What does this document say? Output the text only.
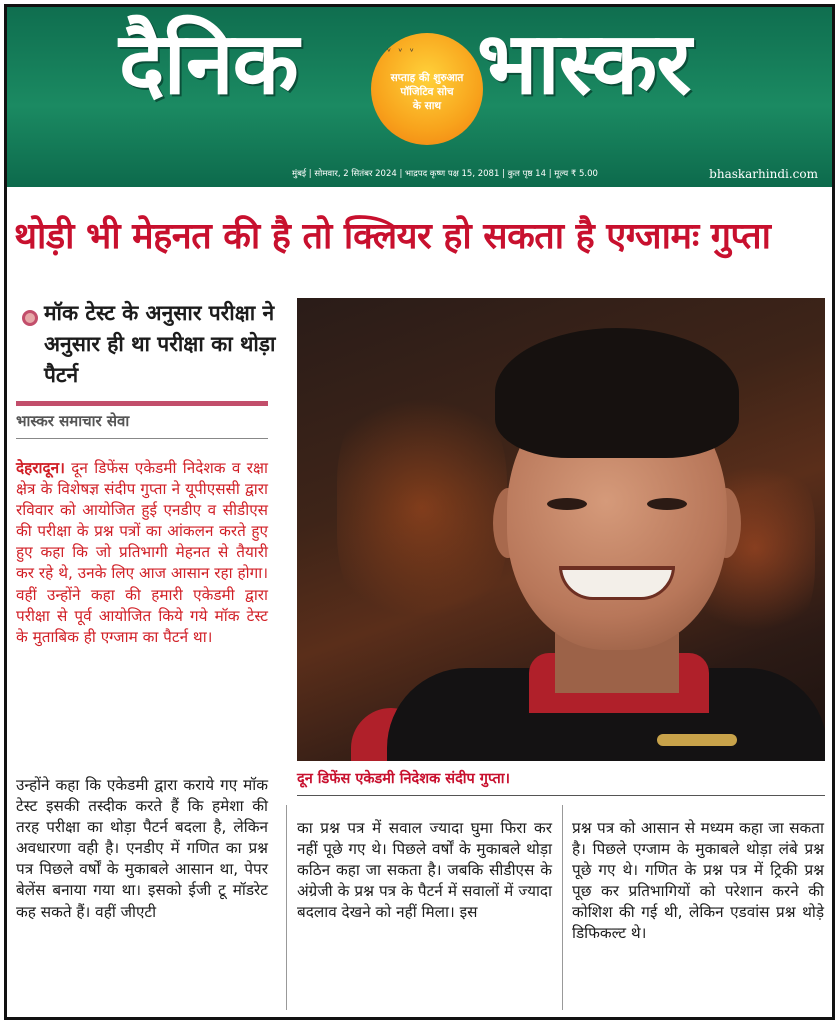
दैनिक	ᵛ ᵛ ᵛ
सप्ताह की शुरुआत
पॉजिटिव सोच
के साथ भास्कर
मुंबई | सोमवार, 2 सितंबर 2024 | भाद्रपद कृष्ण पक्ष 15, 2081 | कुल पृष्ठ 14 | मूल्य ₹ 5.00	bhaskarhindi.com
थोड़ी भी मेहनत की है तो क्लियर हो सकता है एग्जामः गुप्ता
मॉक टेस्ट के अनुसार परीक्षा ने अनुसार ही था परीक्षा का थोड़ा पैटर्न
भास्कर समाचार सेवा
दून डिफेंस एकेडमी निदेशक संदीप गुप्ता।
देहरादून। दून डिफेंस एकेडमी निदेशक व रक्षा क्षेत्र के विशेषज्ञ संदीप गुप्ता ने यूपीएससी द्वारा रविवार को आयोजित हुई एनडीए व सीडीएस की परीक्षा के प्रश्न पत्रों का आंकलन करते हुए हुए कहा कि जो प्रतिभागी मेहनत से तैयारी कर रहे थे, उनके लिए आज आसान रहा होगा। वहीं उन्होंने कहा की हमारी एकेडमी द्वारा परीक्षा से पूर्व आयोजित किये गये मॉक टेस्ट के मुताबिक ही एग्जाम का पैटर्न था।
उन्होंने कहा कि एकेडमी द्वारा कराये गए मॉक टेस्ट इसकी तस्दीक करते हैं कि हमेशा की तरह परीक्षा का थोड़ा पैटर्न बदला है, लेकिन अवधारणा वही है। एनडीए में गणित का प्रश्न पत्र पिछले वर्षों के मुकाबले आसान था, पेपर बेलेंस बनाया गया था। इसको ईजी टू मॉडरेट कह सकते हैं। वहीं जीएटी
का प्रश्न पत्र में सवाल ज्यादा घुमा फिरा कर नहीं पूछे गए थे। पिछले वर्षों के मुकाबले थोड़ा कठिन कहा जा सकता है। जबकि सीडीएस के अंग्रेजी के प्रश्न पत्र के पैटर्न में सवालों में ज्यादा बदलाव देखने को नहीं मिला। इस
प्रश्न पत्र को आसान से मध्यम कहा जा सकता है। पिछले एग्जाम के मुकाबले थोड़ा लंबे प्रश्न पूछे गए थे। गणित के प्रश्न पत्र में ट्रिकी प्रश्न पूछ कर प्रतिभागियों को परेशान करने की कोशिश की गई थी, लेकिन एडवांस प्रश्न थोड़े डिफिकल्ट थे।
